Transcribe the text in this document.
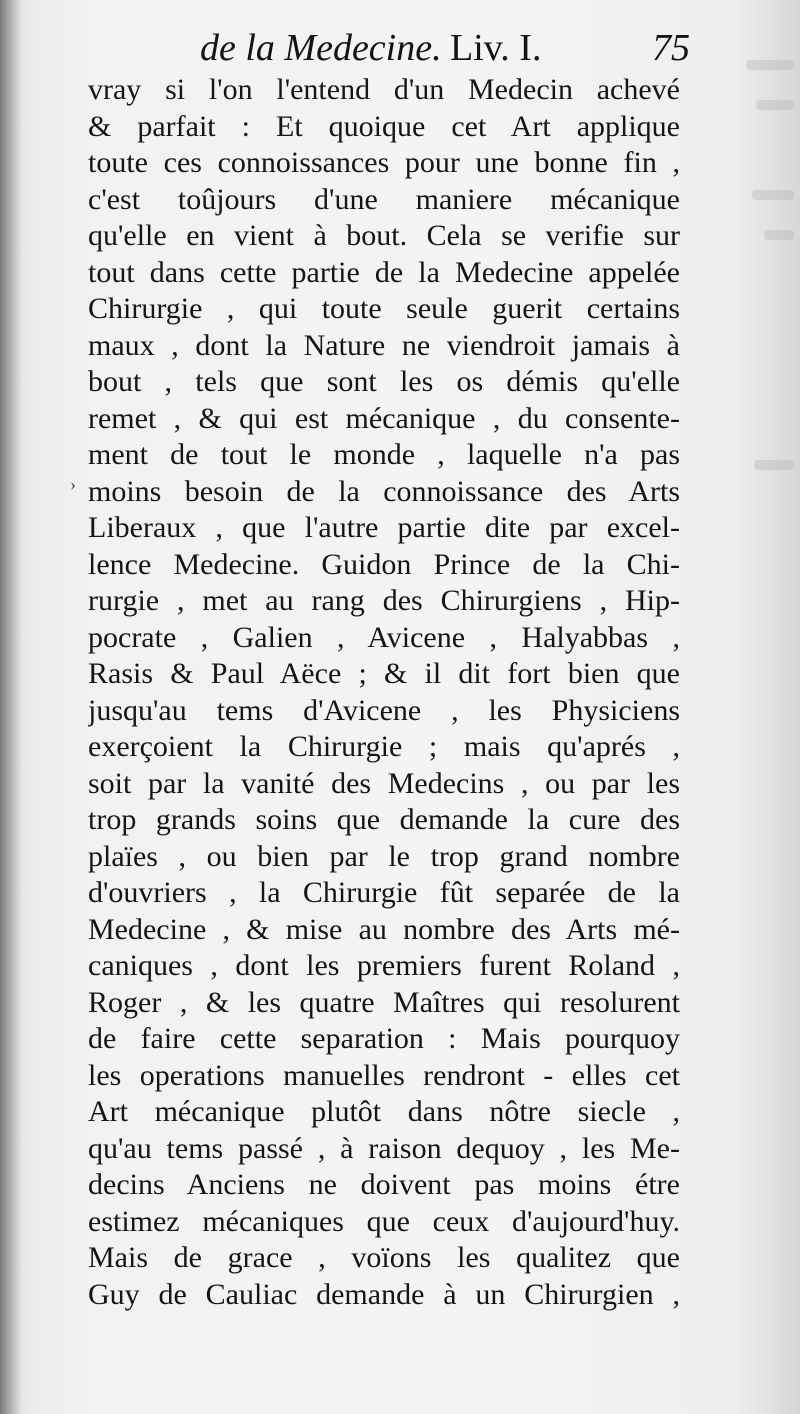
de la Medecine. Liv. I.	75
›
vray si l'on l'entend d'un Medecin achevé
& parfait : Et quoique cet Art applique
toute ces connoissances pour une bonne fin ,
c'est toûjours d'une maniere mécanique
qu'elle en vient à bout. Cela se verifie sur
tout dans cette partie de la Medecine appelée
Chirurgie , qui toute seule guerit certains
maux , dont la Nature ne viendroit jamais à
bout , tels que sont les os démis qu'elle
remet , & qui est mécanique , du consente-
ment de tout le monde , laquelle n'a pas
moins besoin de la connoissance des Arts
Liberaux , que l'autre partie dite par excel-
lence Medecine. Guidon Prince de la Chi-
rurgie , met au rang des Chirurgiens , Hip-
pocrate , Galien , Avicene , Halyabbas ,
Rasis & Paul Aëce ; & il dit fort bien que
jusqu'au tems d'Avicene , les Physiciens
exerçoient la Chirurgie ; mais qu'aprés ,
soit par la vanité des Medecins , ou par les
trop grands soins que demande la cure des
plaïes , ou bien par le trop grand nombre
d'ouvriers , la Chirurgie fût separée de la
Medecine , & mise au nombre des Arts mé-
caniques , dont les premiers furent Roland ,
Roger , & les quatre Maîtres qui resolurent
de faire cette separation : Mais pourquoy
les operations manuelles rendront - elles cet
Art mécanique plutôt dans nôtre siecle ,
qu'au tems passé , à raison dequoy , les Me-
decins Anciens ne doivent pas moins étre
estimez mécaniques que ceux d'aujourd'huy.
Mais de grace , voïons les qualitez que
Guy de Cauliac demande à un Chirurgien ,
